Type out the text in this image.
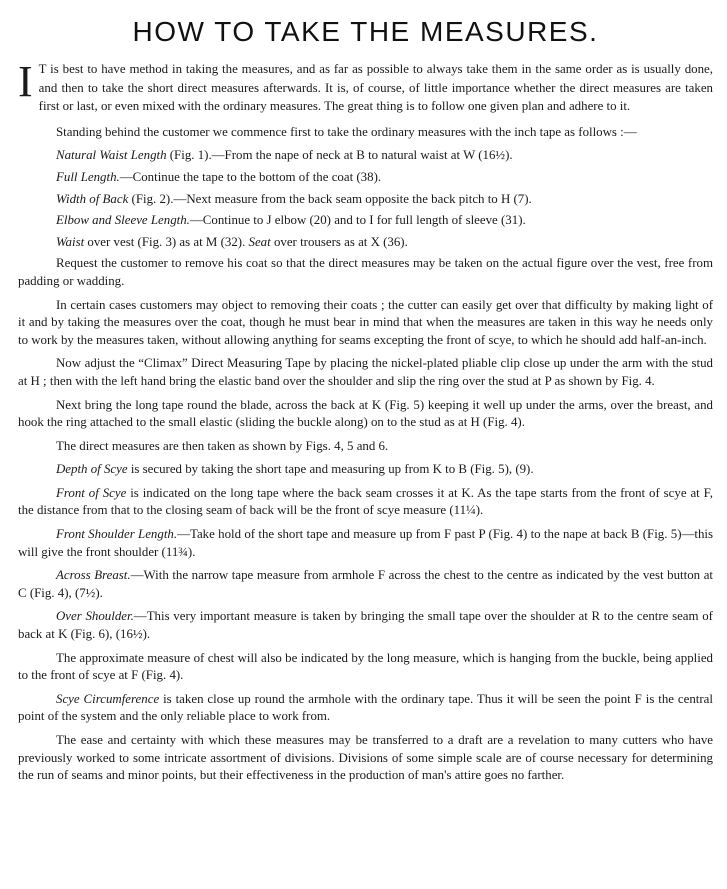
HOW TO TAKE THE MEASURES.
I T is best to have method in taking the measures, and as far as possible to always take them in the same order as is usually done, and then to take the short direct measures afterwards. It is, of course, of little importance whether the direct measures are taken first or last, or even mixed with the ordinary measures. The great thing is to follow one given plan and adhere to it.

Standing behind the customer we commence first to take the ordinary measures with the inch tape as follows :—

Natural Waist Length (Fig. 1).—From the nape of neck at B to natural waist at W (16½).

Full Length.—Continue the tape to the bottom of the coat (38).

Width of Back (Fig. 2).—Next measure from the back seam opposite the back pitch to H (7).

Elbow and Sleeve Length.—Continue to J elbow (20) and to I for full length of sleeve (31).

Waist over vest (Fig. 3) as at M (32). Seat over trousers as at X (36).

Request the customer to remove his coat so that the direct measures may be taken on the actual figure over the vest, free from padding or wadding.

In certain cases customers may object to removing their coats ; the cutter can easily get over that difficulty by making light of it and by taking the measures over the coat, though he must bear in mind that when the measures are taken in this way he needs only to work by the measures taken, without allowing anything for seams excepting the front of scye, to which he should add half-an-inch.

Now adjust the “Climax” Direct Measuring Tape by placing the nickel-plated pliable clip close up under the arm with the stud at H ; then with the left hand bring the elastic band over the shoulder and slip the ring over the stud at P as shown by Fig. 4.

Next bring the long tape round the blade, across the back at K (Fig. 5) keeping it well up under the arms, over the breast, and hook the ring attached to the small elastic (sliding the buckle along) on to the stud as at H (Fig. 4).

The direct measures are then taken as shown by Figs. 4, 5 and 6.

Depth of Scye is secured by taking the short tape and measuring up from K to B (Fig. 5), (9).

Front of Scye is indicated on the long tape where the back seam crosses it at K. As the tape starts from the front of scye at F, the distance from that to the closing seam of back will be the front of scye measure (11¼).

Front Shoulder Length.—Take hold of the short tape and measure up from F past P (Fig. 4) to the nape at back B (Fig. 5)—this will give the front shoulder (11¾).

Across Breast.—With the narrow tape measure from armhole F across the chest to the centre as indicated by the vest button at C (Fig. 4), (7½).

Over Shoulder.—This very important measure is taken by bringing the small tape over the shoulder at R to the centre seam of back at K (Fig. 6), (16½).

The approximate measure of chest will also be indicated by the long measure, which is hanging from the buckle, being applied to the front of scye at F (Fig. 4).

Scye Circumference is taken close up round the armhole with the ordinary tape. Thus it will be seen the point F is the central point of the system and the only reliable place to work from.

The ease and certainty with which these measures may be transferred to a draft are a revelation to many cutters who have previously worked to some intricate assortment of divisions. Divisions of some simple scale are of course necessary for determining the run of seams and minor points, but their effectiveness in the production of man's attire goes no farther.
